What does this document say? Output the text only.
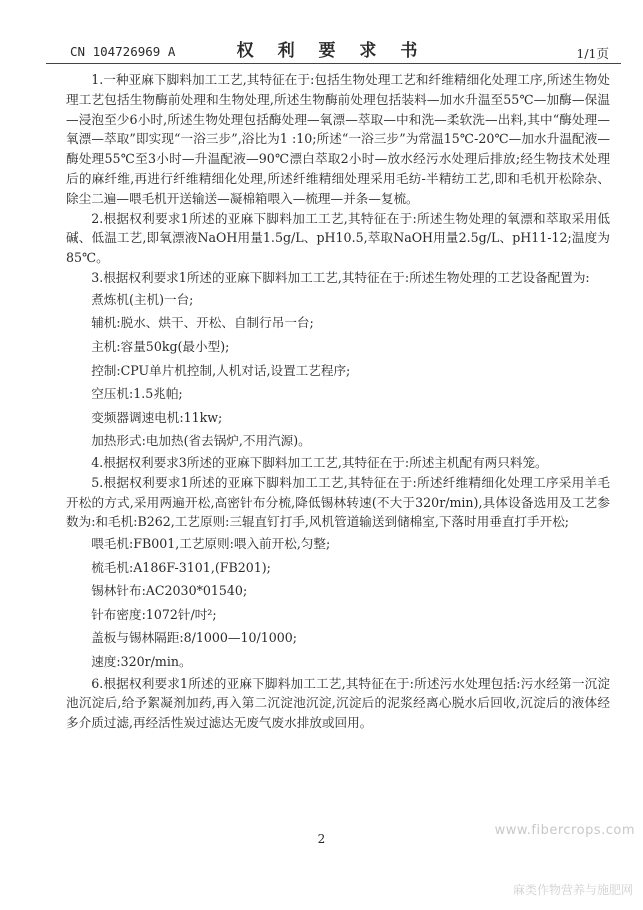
CN 104726969 A	权 利 要 求 书	1/1页

1.一种亚麻下脚料加工工艺,其特征在于:包括生物处理工艺和纤维精细化处理工序,所述生物处理工艺包括生物酶前处理和生物处理,所述生物酶前处理包括装料—加水升温至55℃—加酶—保温—浸泡至少6小时,所述生物处理包括酶处理—氧漂—萃取—中和洗—柔软洗—出料,其中“酶处理—氧漂—萃取”即实现“一浴三步”,浴比为1 :10;所述“一浴三步”为常温15℃-20℃—加水升温配液—酶处理55℃至3小时—升温配液—90℃漂白萃取2小时—放水经污水处理后排放;经生物技术处理后的麻纤维,再进行纤维精细化处理,所述纤维精细处理采用毛纺-半精纺工艺,即和毛机开松除杂、除尘二遍—喂毛机开送输送—凝棉箱喂入—梳理—并条—复梳。

2.根据权利要求1所述的亚麻下脚料加工工艺,其特征在于:所述生物处理的氧漂和萃取采用低碱、低温工艺,即氧漂液NaOH用量1.5g/L、pH10.5,萃取NaOH用量2.5g/L、pH11-12;温度为85℃。

3.根据权利要求1所述的亚麻下脚料加工工艺,其特征在于:所述生物处理的工艺设备配置为:

煮炼机(主机)一台;

辅机:脱水、烘干、开松、自制行吊一台;

主机:容量50kg(最小型);

控制:CPU单片机控制,人机对话,设置工艺程序;

空压机:1.5兆帕;

变频器调速电机:11kw;

加热形式:电加热(省去锅炉,不用汽源)。

4.根据权利要求3所述的亚麻下脚料加工工艺,其特征在于:所述主机配有两只料笼。

5.根据权利要求1所述的亚麻下脚料加工工艺,其特征在于:所述纤维精细化处理工序采用羊毛开松的方式,采用两遍开松,高密针布分梳,降低锡林转速(不大于320r/min),具体设备选用及工艺参数为:和毛机:B262,工艺原则:三辊直钉打手,风机管道输送到储棉室,下落时用垂直打手开松;

喂毛机:FB001,工艺原则:喂入前开松,匀整;

梳毛机:A186F-3101,(FB201);

锡林针布:AC2030*01540;

针布密度:1072针/吋²;

盖板与锡林隔距:8/1000—10/1000;

速度:320r/min。

6.根据权利要求1所述的亚麻下脚料加工工艺,其特征在于:所述污水处理包括:污水经第一沉淀池沉淀后,给予絮凝剂加药,再入第二沉淀池沉淀,沉淀后的泥浆经离心脱水后回收,沉淀后的液体经多介质过滤,再经活性炭过滤达无废气废水排放或回用。

2
www.fibercrops.com
麻类作物营养与施肥网
